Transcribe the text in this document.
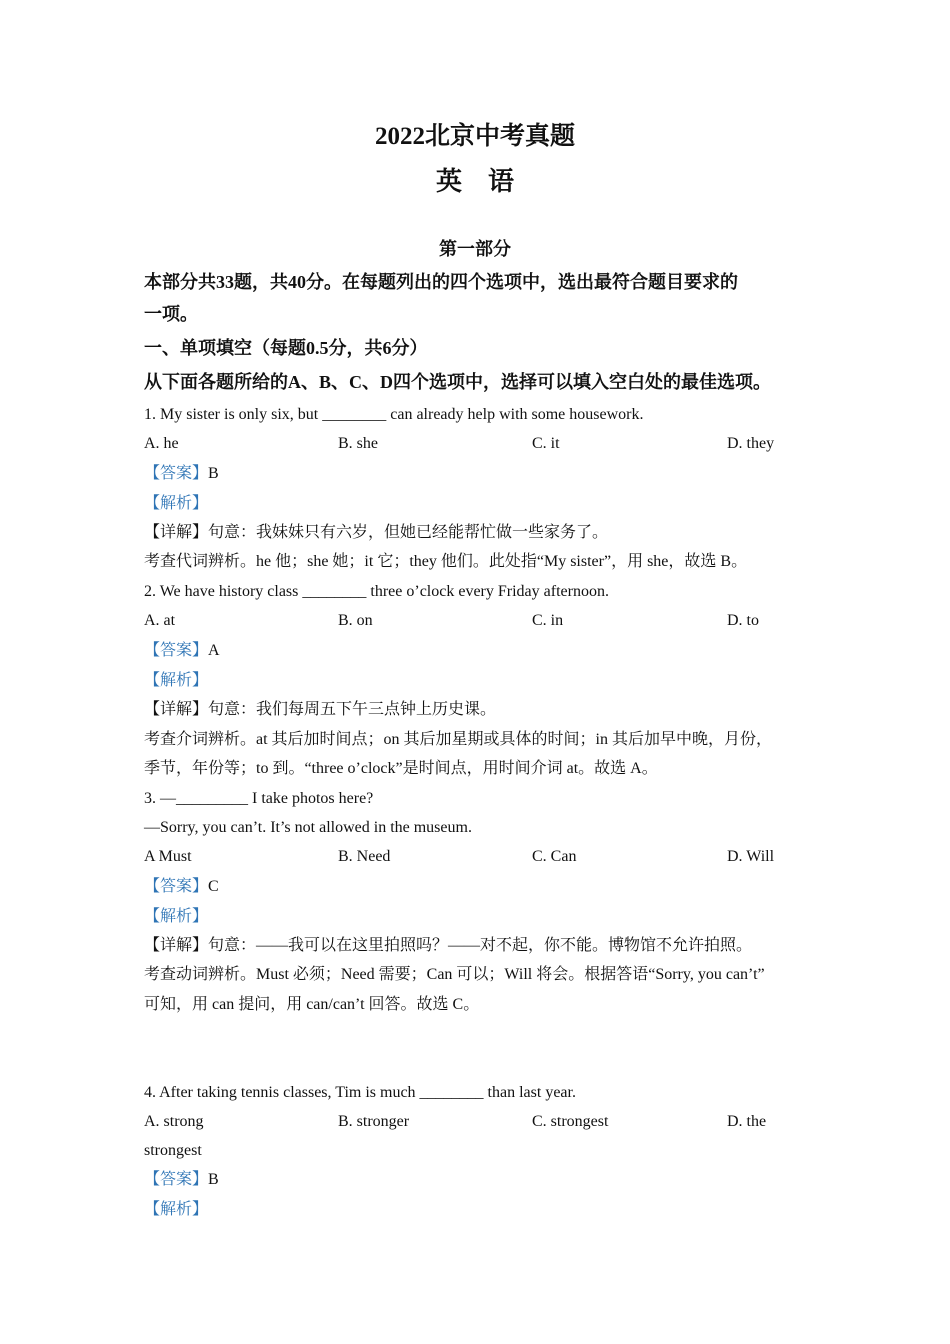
2022北京中考真题
英语
第一部分
本部分共33题，共40分。在每题列出的四个选项中，选出最符合题目要求的
一项。
一、单项填空（每题0.5分，共6分）
从下面各题所给的A、B、C、D四个选项中，选择可以填入空白处的最佳选项。
1. My sister is only six, but ________ can already help with some housework.
A. he	B. she	C. it	D. they
【答案】B
【解析】
【详解】句意：我妹妹只有六岁，但她已经能帮忙做一些家务了。
考查代词辨析。he 他；she 她；it 它；they 他们。此处指“My sister”，用 she，故选 B。
2. We have history class ________ three o’clock every Friday afternoon.
A. at	B. on	C. in	D. to
【答案】A
【解析】
【详解】句意：我们每周五下午三点钟上历史课。
考查介词辨析。at 其后加时间点；on 其后加星期或具体的时间；in 其后加早中晚，月份，
季节，年份等；to 到。“three o’clock”是时间点，用时间介词 at。故选 A。
3. —_________ I take photos here?
—Sorry, you can’t. It’s not allowed in the museum.
A Must	B. Need	C. Can	D. Will
【答案】C
【解析】
【详解】句意：——我可以在这里拍照吗？——对不起，你不能。博物馆不允许拍照。
考查动词辨析。Must 必须；Need 需要；Can 可以；Will 将会。根据答语“Sorry, you can’t”
可知，用 can 提问，用 can/can’t 回答。故选 C。
4. After taking tennis classes, Tim is much ________ than last year.
A. strong	B. stronger	C. strongest	D. the
strongest
【答案】B
【解析】
